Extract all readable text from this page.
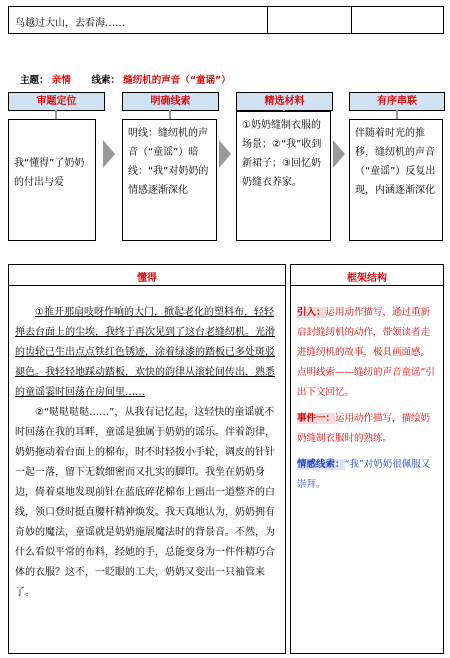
鸟越过大山，去看海……
主题： 亲情 线索： 缝纫机的声音（“童谣”）
审题定位
我“懂得”了奶奶的付出与爱
明确线索
明线：缝纫机的声音（“童谣”）暗线：“我”对奶奶的情感逐渐深化
精选材料
①奶奶缝制衣服的场景；②“我”收到新裙子；③回忆奶奶缝衣养家。
有序串联
伴随着时光的推移，缝纫机的声音（“童谣”）反复出现，内涵逐渐深化
懂得

①推开那扇吱呀作响的大门，掀起老化的塑料布，轻轻掸去台面上的尘埃，我终于再次见到了这台老缝纫机。光滑的齿轮已生出点点铁红色锈迹，涂着绿漆的踏板已多处斑驳褪色。我轻轻地踩动踏板，欢快的韵律从滚轮间传出，熟悉的童谣霎时回荡在房间里……

②“哒哒哒哒……”，从我有记忆起，这轻快的童谣就不时回荡在我的耳畔，童谣是独属于奶奶的谣乐。伴着韵律，奶奶拖动着台面上的棉布，时不时轻拨小手轮，调皮的针针一起一落，留下无数细密而又扎实的脚印。我坐在奶奶身边，倚着桌地发现前针在蓝底碎花棉布上画出一道整齐的白线，领口登时挺直腰杆精神焕发。我天真地认为，奶奶拥有奇妙的魔法，童谣就是奶奶施展魔法时的背景音。不然，为什么看似平常的布料，经她的手，总能变身为一件件精巧合体的衣服？这不，一眨眼的工夫，奶奶又变出一只袖管来了。

框架结构
引入：运用动作描写，通过重新启封缝纫机的动作，带领读者走进缝纫机的故事，极具画面感。点明线索——缝纫的声音童谣”引出下文回忆。
事件一：运用动作描写，描绘奶奶缝制衣服时的熟练。
情感线索：“我”对奶奶很佩服又崇拜。
